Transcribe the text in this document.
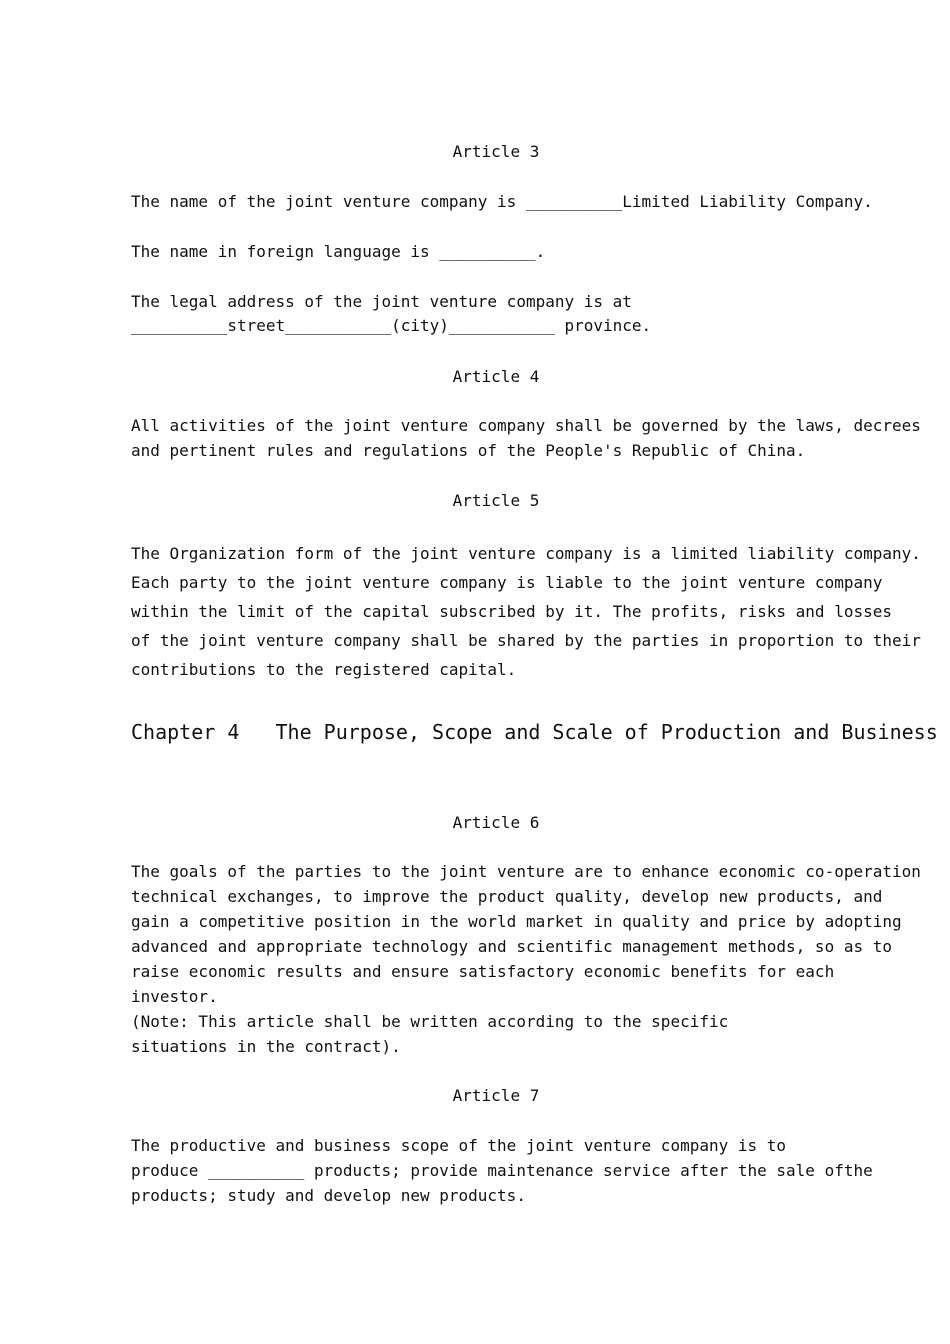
Article 3
The name of the joint venture company is __________Limited Liability Company.
The name in foreign language is __________.
The legal address of the joint venture company is at
__________street___________(city)___________ province.
Article 4
All activities of the joint venture company shall be governed by the laws, decrees
and pertinent rules and regulations of the People's Republic of China.
Article 5
The Organization form of the joint venture company is a limited liability company.
Each party to the joint venture company is liable to the joint venture company
within the limit of the capital subscribed by it. The profits, risks and losses
of the joint venture company shall be shared by the parties in proportion to their
contributions to the registered capital.
Chapter 4   The Purpose, Scope and Scale of Production and Business
Article 6
The goals of the parties to the joint venture are to enhance economic co-operation
technical exchanges, to improve the product quality, develop new products, and
gain a competitive position in the world market in quality and price by adopting
advanced and appropriate technology and scientific management methods, so as to
raise economic results and ensure satisfactory economic benefits for each
investor.
(Note: This article shall be written according to the specific
situations in the contract).
Article 7
The productive and business scope of the joint venture company is to
produce __________ products; provide maintenance service after the sale ofthe
products; study and develop new products.
